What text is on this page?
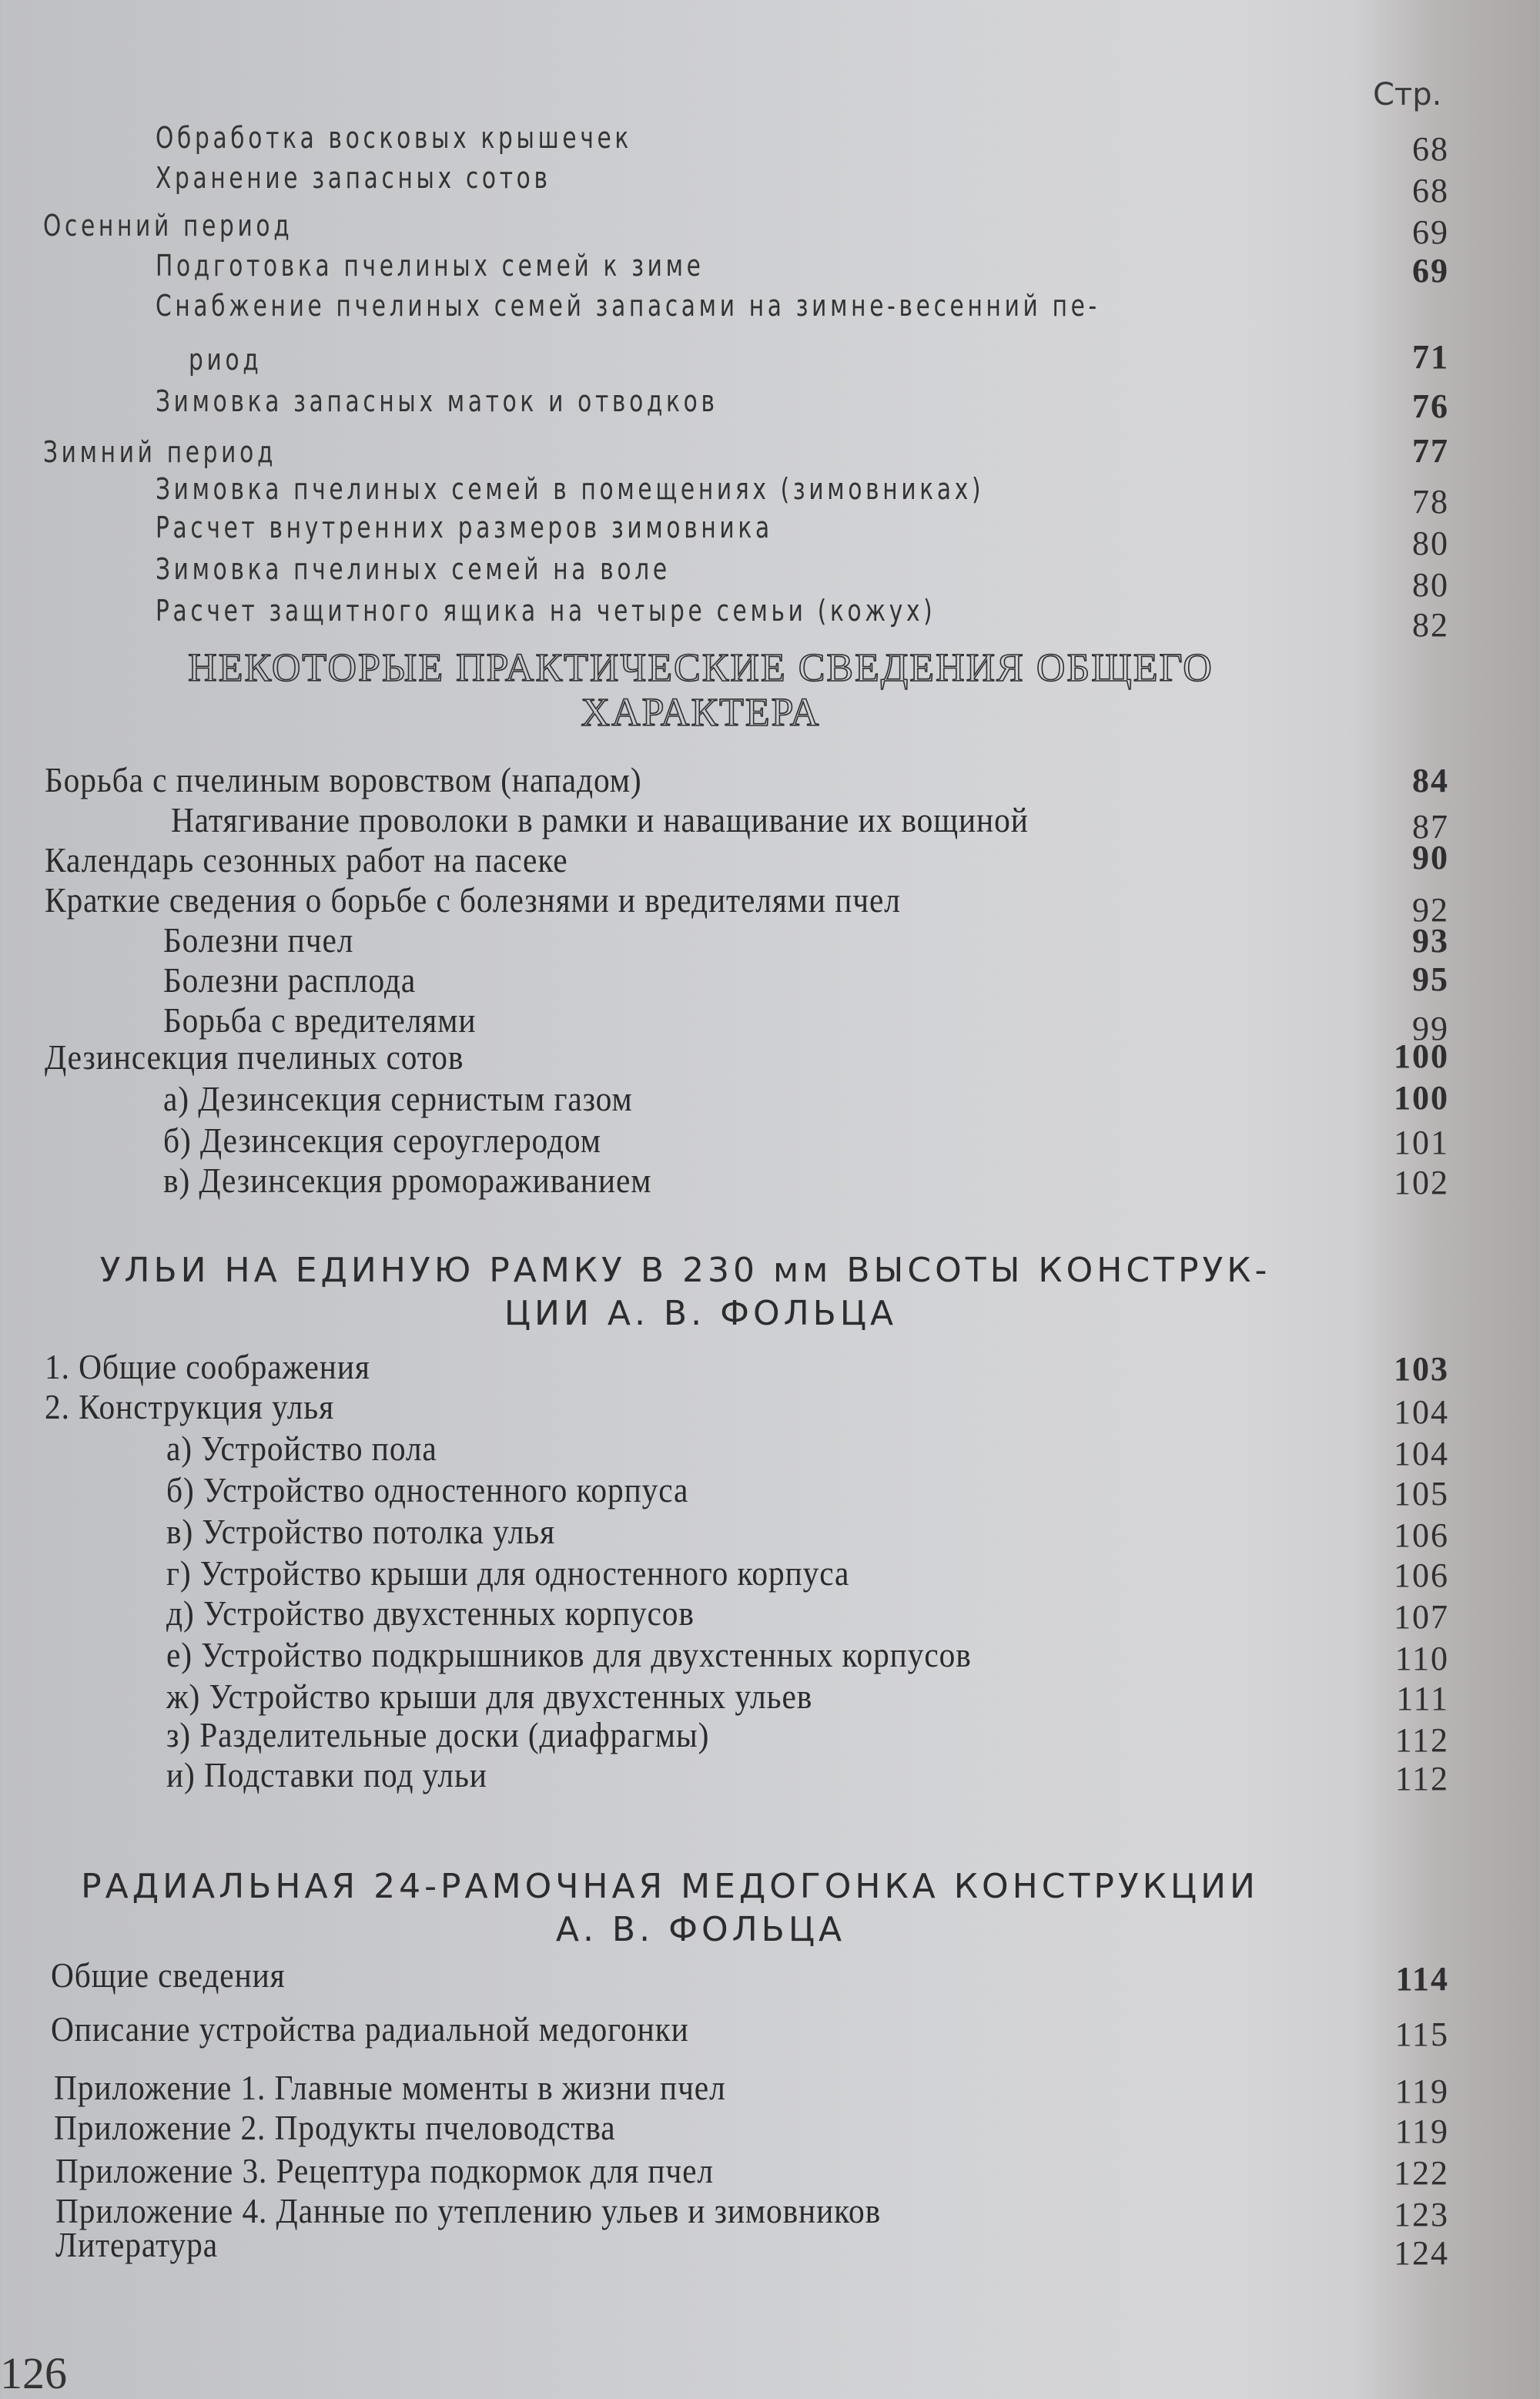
Стр.
Обработка восковых крышечек	68
Хранение запасных сотов	68
Осенний период	69
Подготовка пчелиных семей к зиме	69
Снабжение пчелиных семей запасами на зимне-весенний пе-
риод	71
Зимовка запасных маток и отводков	76
Зимний период	77
Зимовка пчелиных семей в помещениях (зимовниках)	78
Расчет внутренних размеров зимовника	80
Зимовка пчелиных семей на воле	80
Расчет защитного ящика на четыре семьи (кожух)	82
НЕКОТОРЫЕ ПРАКТИЧЕСКИЕ СВЕДЕНИЯ ОБЩЕГО
ХАРАКТЕРА
Борьба с пчелиным воровством (нападом)	84
Натягивание проволоки в рамки и наващивание их вощиной	87
Календарь сезонных работ на пасеке	90
Краткие сведения о борьбе с болезнями и вредителями пчел	92
Болезни пчел	93
Болезни расплода	95
Борьба с вредителями	99
Дезинсекция пчелиных сотов	100
а) Дезинсекция сернистым газом	100
б) Дезинсекция сероуглеродом	101
в) Дезинсекция рромораживанием	102
УЛЬИ НА ЕДИНУЮ РАМКУ В 230 мм ВЫСОТЫ КОНСТРУК-
ЦИИ А. В. ФОЛЬЦА
1. Общие соображения	103
2. Конструкция улья	104
а) Устройство пола	104
б) Устройство одностенного корпуса	105
в) Устройство потолка улья	106
г) Устройство крыши для одностенного корпуса	106
д) Устройство двухстенных корпусов	107
е) Устройство подкрышников для двухстенных корпусов	110
ж) Устройство крыши для двухстенных ульев	111
з) Разделительные доски (диафрагмы)	112
и) Подставки под ульи	112
РАДИАЛЬНАЯ 24-РАМОЧНАЯ МЕДОГОНКА КОНСТРУКЦИИ
А. В. ФОЛЬЦА
Общие сведения	114
Описание устройства радиальной медогонки	115
Приложение 1. Главные моменты в жизни пчел	119
Приложение 2. Продукты пчеловодства	119
Приложение 3. Рецептура подкормок для пчел	122
Приложение 4. Данные по утеплению ульев и зимовников	123
Литература	124
126
